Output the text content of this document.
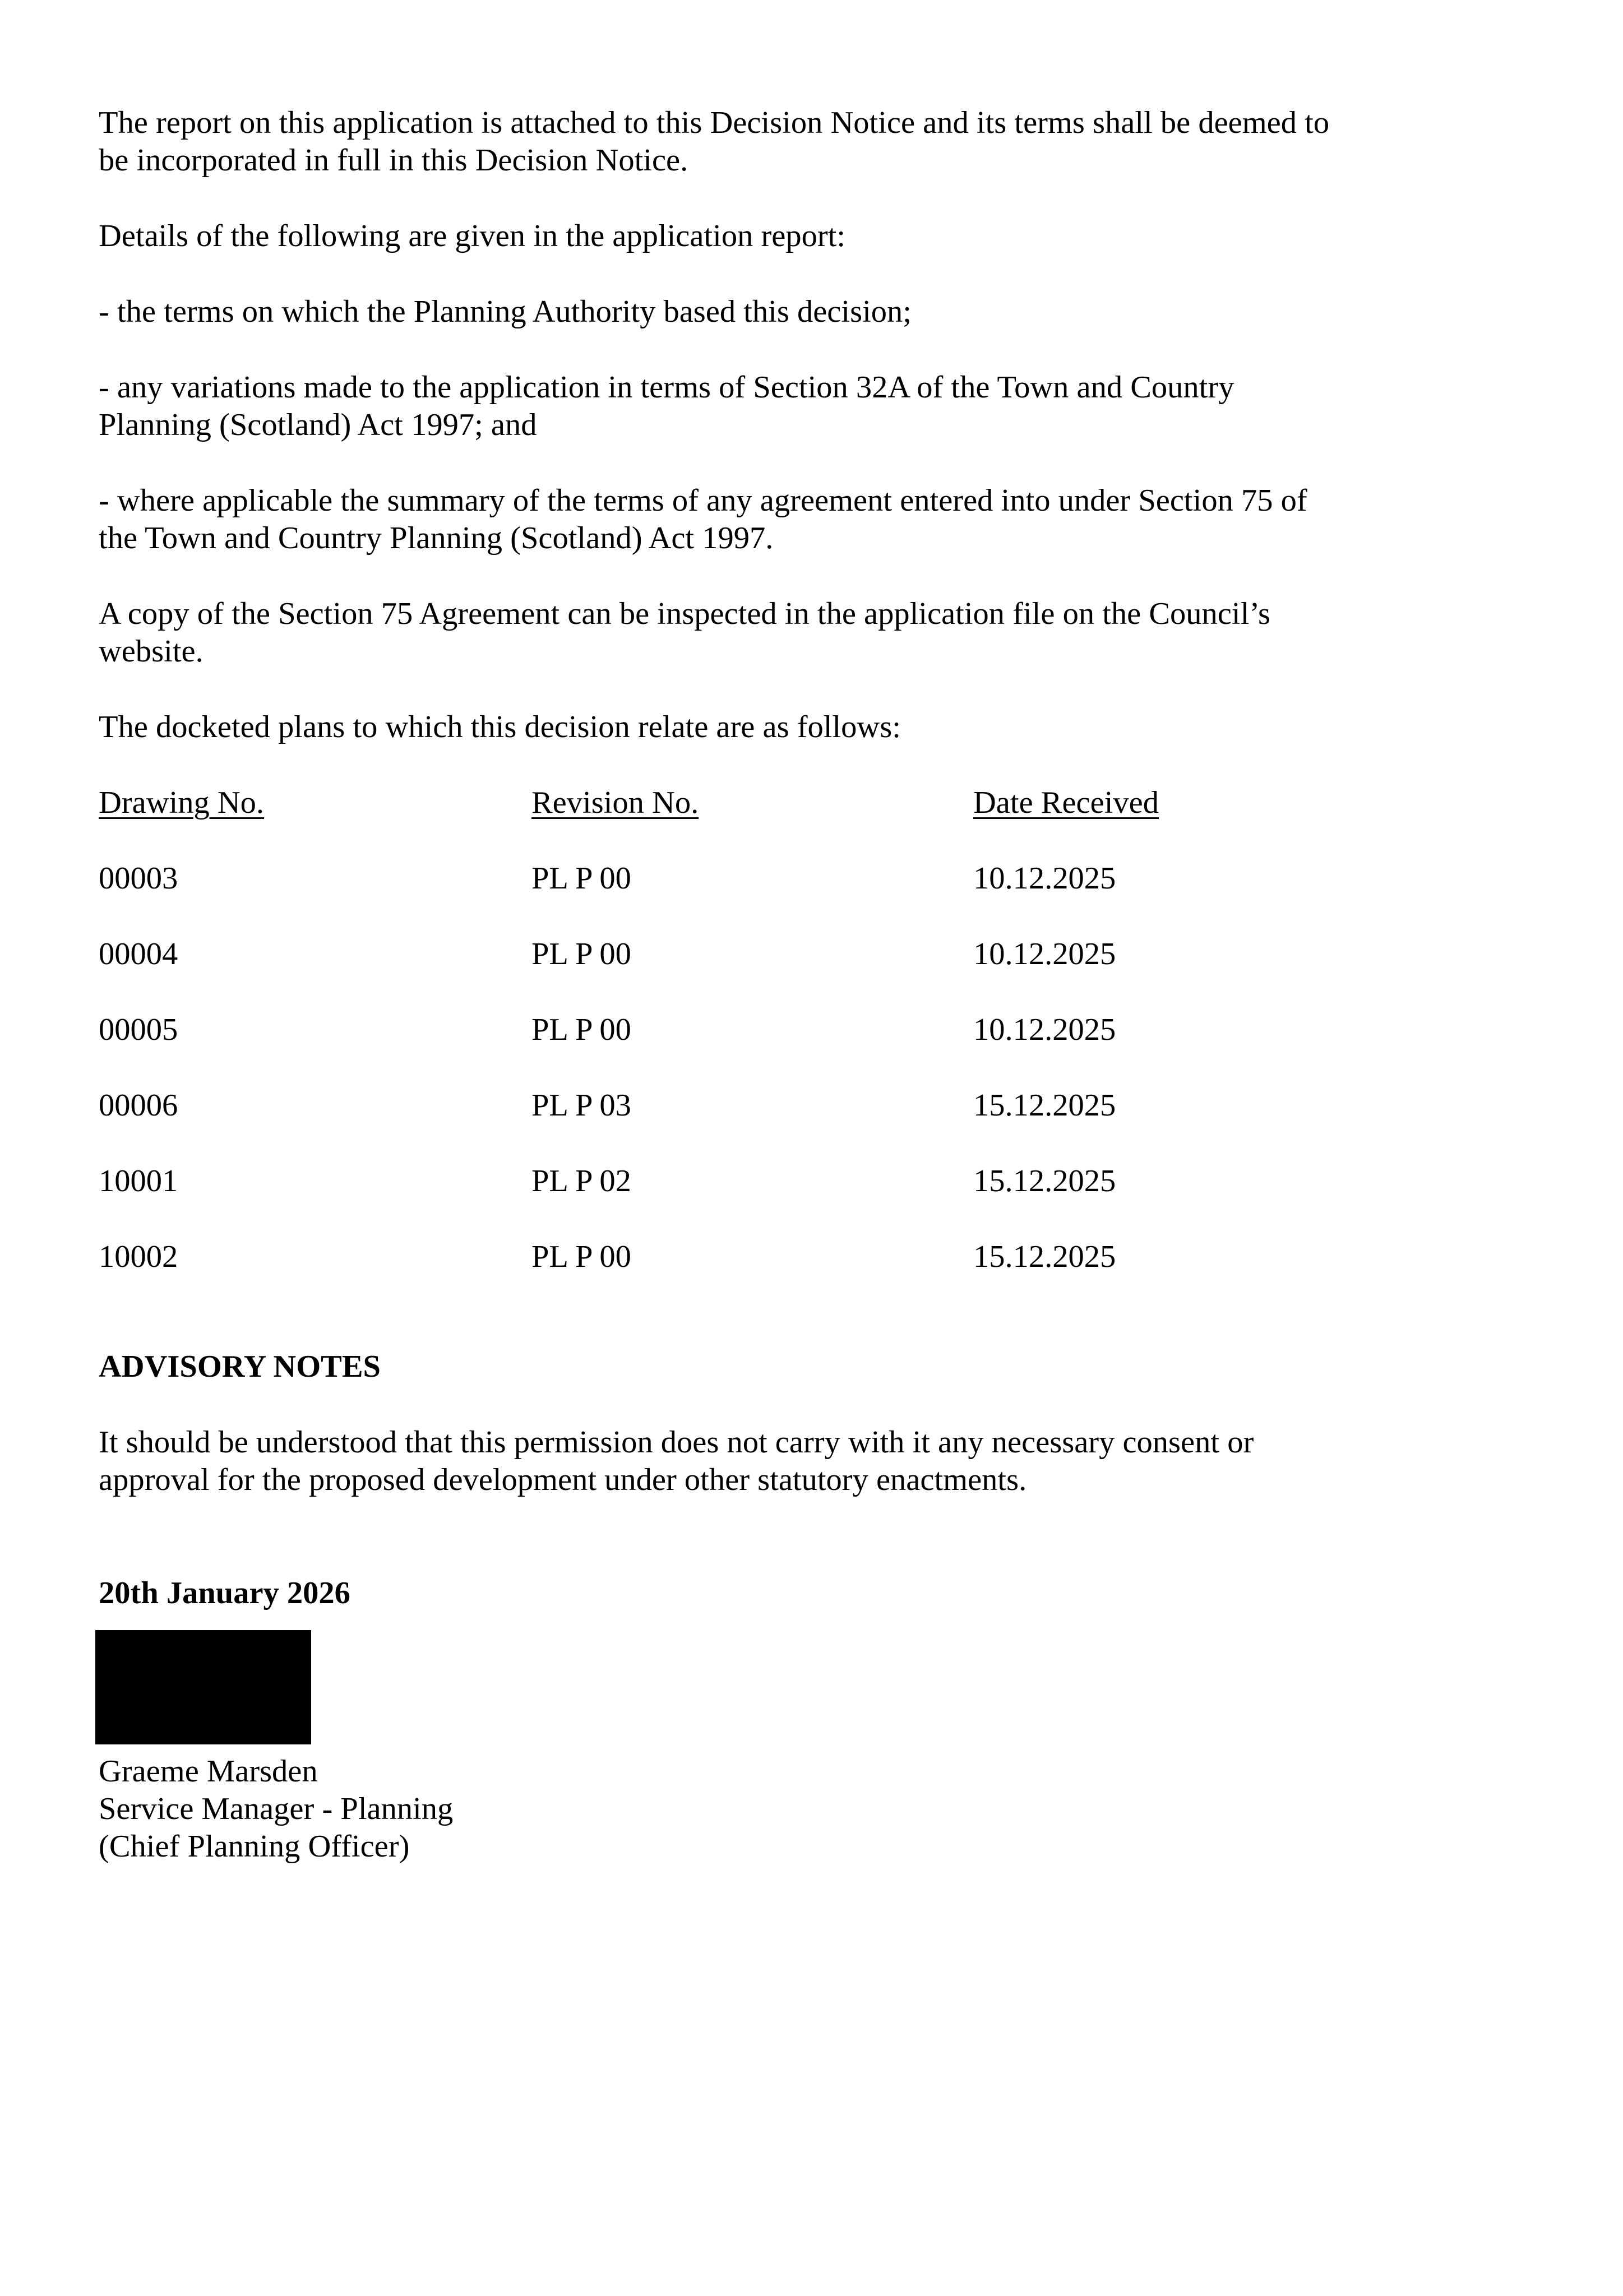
The report on this application is attached to this Decision Notice and its terms shall be deemed to

be incorporated in full in this Decision Notice.

Details of the following are given in the application report:

- the terms on which the Planning Authority based this decision;

- any variations made to the application in terms of Section 32A of the Town and Country

Planning (Scotland) Act 1997; and

- where applicable the summary of the terms of any agreement entered into under Section 75 of

the Town and Country Planning (Scotland) Act 1997.

A copy of the Section 75 Agreement can be inspected in the application file on the Council’s

website.

The docketed plans to which this decision relate are as follows:

Drawing No.	Revision No.	Date Received

00003	PL P 00	10.12.2025

00004	PL P 00	10.12.2025

00005	PL P 00	10.12.2025

00006	PL P 03	15.12.2025

10001	PL P 02	15.12.2025

10002	PL P 00	15.12.2025

ADVISORY NOTES

It should be understood that this permission does not carry with it any necessary consent or

approval for the proposed development under other statutory enactments.

20th January 2026

Graeme Marsden

Service Manager - Planning

(Chief Planning Officer)
